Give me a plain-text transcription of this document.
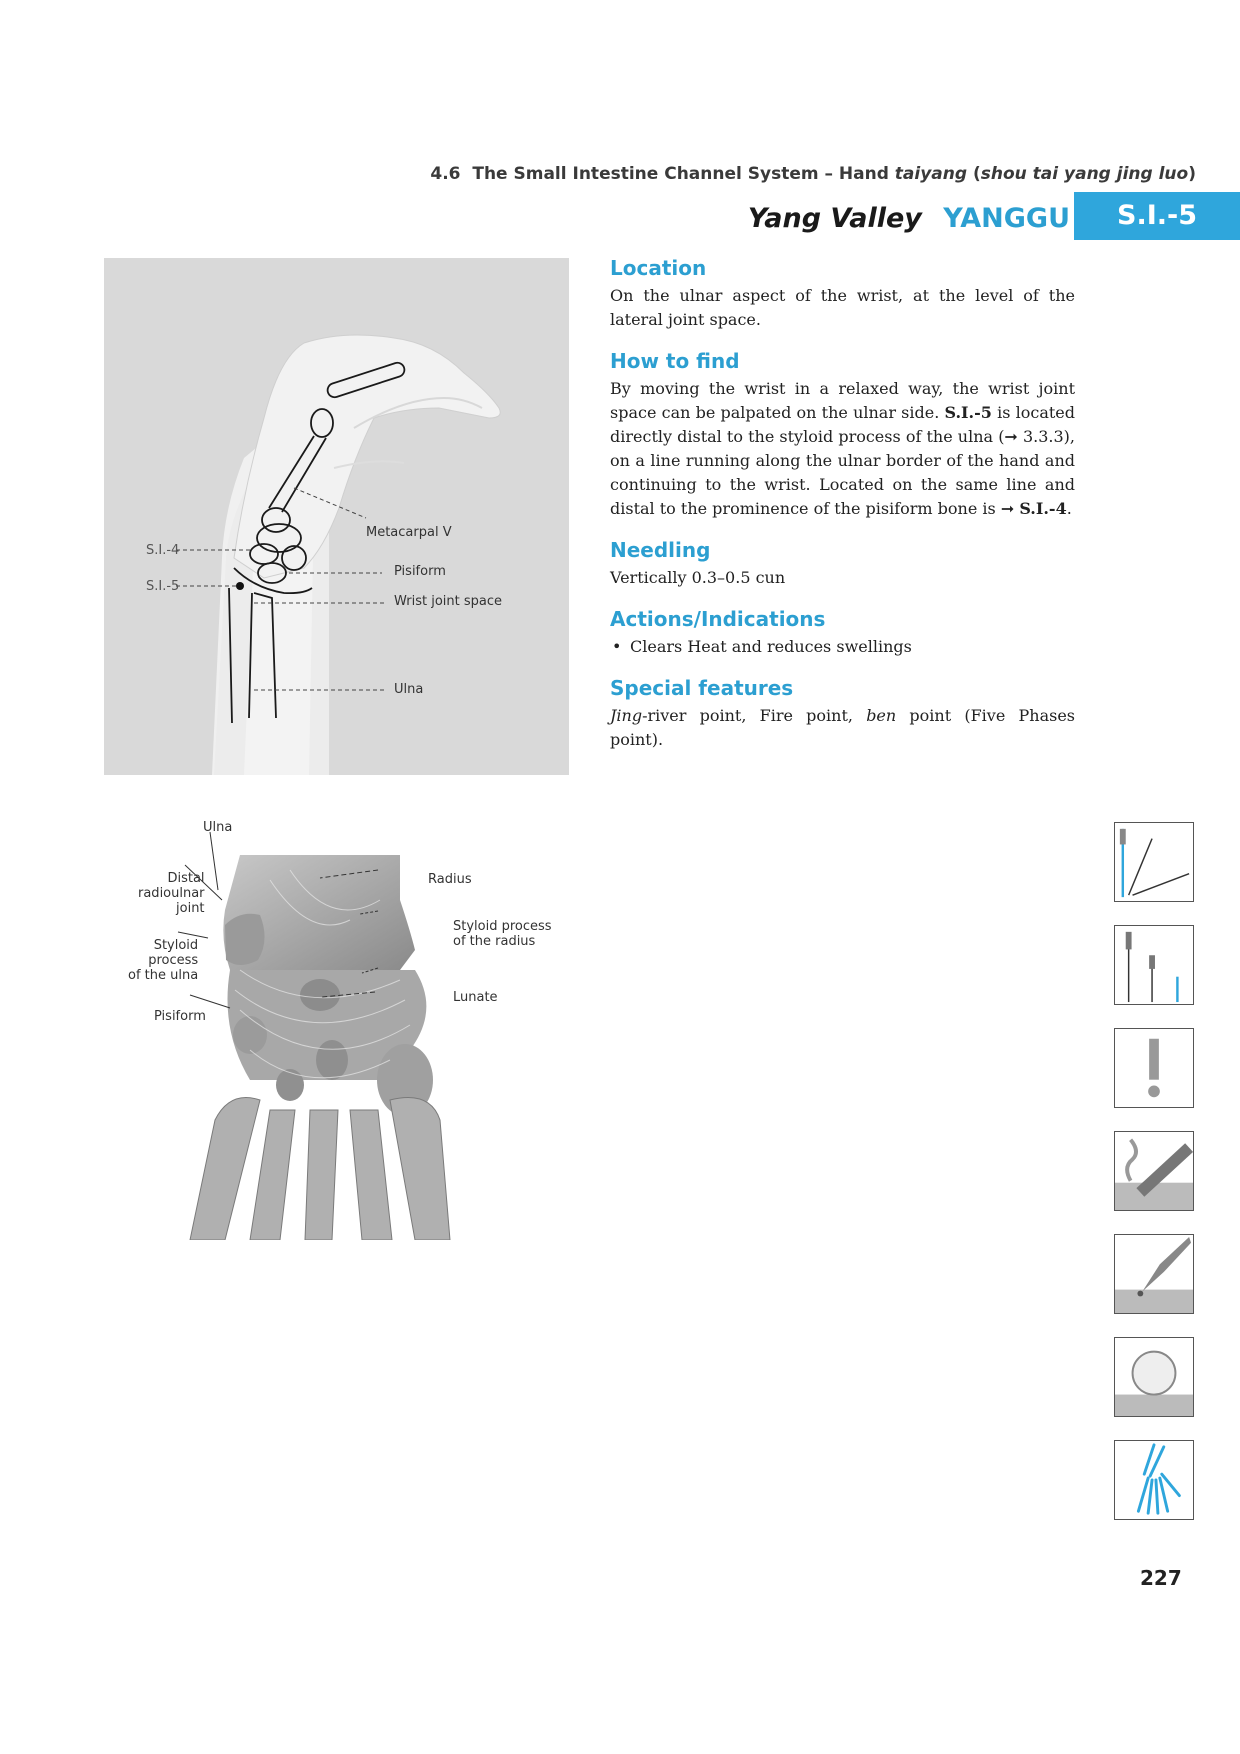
4.6 The Small Intestine Channel System – Hand taiyang (shou tai yang jing luo)
Yang Valley YANGGU	S.I.-5
Metacarpal V
S.I.-4
S.I.-5
Pisiform
Wrist joint space
Ulna
Location

On the ulnar aspect of the wrist, at the level of the lateral joint space.

How to find

By moving the wrist in a relaxed way, the wrist joint space can be palpated on the ulnar side. S.I.-5 is located directly distal to the styloid process of the ulna (➞ 3.3.3), on a line running along the ulnar border of the hand and continuing to the wrist. Located on the same line and distal to the prominence of the pisiform bone is ➞ S.I.-4.

Needling

Vertically 0.3–0.5 cun

Actions/Indications
• Clears Heat and reduces swellings
Special features

Jing-river point, Fire point, ben point (Five Phases point).

Ulna
Distal
radioulnar
joint
Styloid
process
of the ulna
Pisiform
Radius
Styloid process
of the radius
Lunate
227
